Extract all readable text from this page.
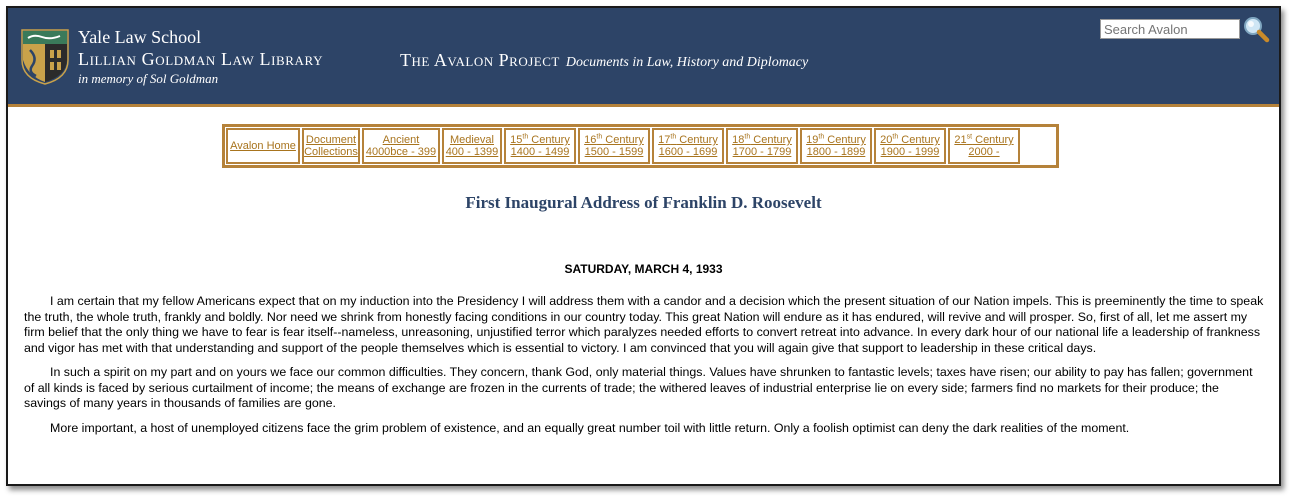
Yale Law School
Lillian Goldman Law Library
in memory of Sol Goldman
The Avalon Project Documents in Law, History and Diplomacy
Search Avalon
Avalon Home Document
Collections
Ancient
4000bce - 399
Medieval
400 - 1399
15th Century
1400 - 1499
16th Century
1500 - 1599
17th Century
1600 - 1699
18th Century
1700 - 1799
19th Century
1800 - 1899
20th Century
1900 - 1999
21st Century
2000 -
First Inaugural Address of Franklin D. Roosevelt
SATURDAY, MARCH 4, 1933

I am certain that my fellow Americans expect that on my induction into the Presidency I will address them with a candor and a decision which the present situation of our Nation impels. This is preeminently the time to speak the truth, the whole truth, frankly and boldly. Nor need we shrink from honestly facing conditions in our country today. This great Nation will endure as it has endured, will revive and will prosper. So, first of all, let me assert my firm belief that the only thing we have to fear is fear itself--nameless, unreasoning, unjustified terror which paralyzes needed efforts to convert retreat into advance. In every dark hour of our national life a leadership of frankness and vigor has met with that understanding and support of the people themselves which is essential to victory. I am convinced that you will again give that support to leadership in these critical days.

In such a spirit on my part and on yours we face our common difficulties. They concern, thank God, only material things. Values have shrunken to fantastic levels; taxes have risen; our ability to pay has fallen; government of all kinds is faced by serious curtailment of income; the means of exchange are frozen in the currents of trade; the withered leaves of industrial enterprise lie on every side; farmers find no markets for their produce; the savings of many years in thousands of families are gone.

More important, a host of unemployed citizens face the grim problem of existence, and an equally great number toil with little return. Only a foolish optimist can deny the dark realities of the moment.
